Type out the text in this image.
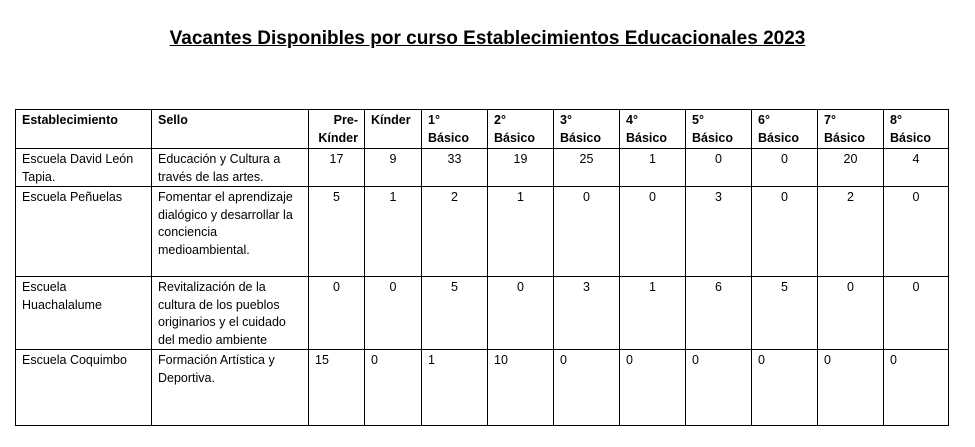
Vacantes Disponibles por curso Establecimientos Educacionales 2023
Establecimiento	Sello	Pre-Kínder	Kínder	1° Básico	2° Básico	3° Básico	4° Básico	5° Básico	6° Básico	7° Básico	8° Básico
Escuela David León Tapia.	Educación y Cultura a través de las artes.	17	9	33	19	25	1	0	0	20	4
Escuela Peñuelas	Fomentar el aprendizaje dialógico y desarrollar la conciencia medioambiental.	5	1	2	1	0	0	3	0	2	0
Escuela Huachalalume	Revitalización de la cultura de los pueblos originarios y el cuidado del medio ambiente	0	0	5	0	3	1	6	5	0	0
Escuela Coquimbo	Formación Artística y Deportiva.	15	0	1	10	0	0	0	0	0	0
